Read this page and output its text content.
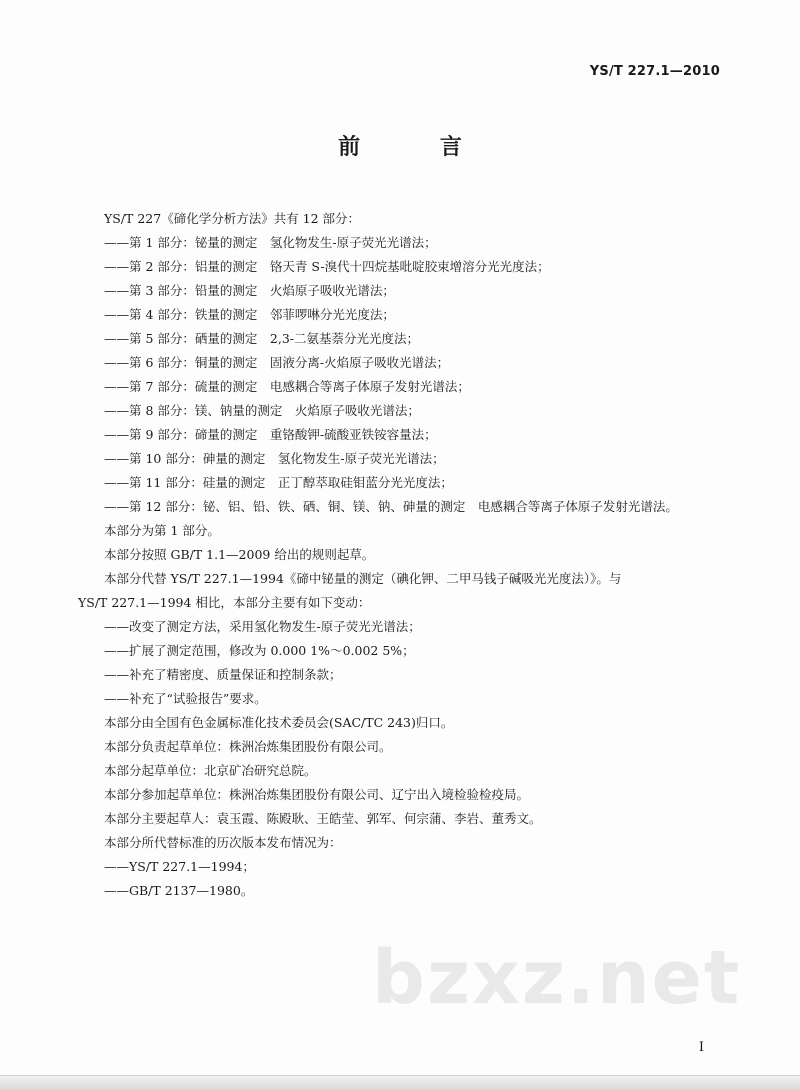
YS/T 227.1—2010
前 言
YS/T 227《碲化学分析方法》共有 12 部分：
——第 1 部分：铋量的测定　氢化物发生-原子荧光光谱法；
——第 2 部分：铝量的测定　铬天青 S-溴代十四烷基吡啶胶束增溶分光光度法；
——第 3 部分：铅量的测定　火焰原子吸收光谱法；
——第 4 部分：铁量的测定　邻菲啰啉分光光度法；
——第 5 部分：硒量的测定　2,3-二氨基萘分光光度法；
——第 6 部分：铜量的测定　固液分离-火焰原子吸收光谱法；
——第 7 部分：硫量的测定　电感耦合等离子体原子发射光谱法；
——第 8 部分：镁、钠量的测定　火焰原子吸收光谱法；
——第 9 部分：碲量的测定　重铬酸钾-硫酸亚铁铵容量法；
——第 10 部分：砷量的测定　氢化物发生-原子荧光光谱法；
——第 11 部分：硅量的测定　正丁醇萃取硅钼蓝分光光度法；
——第 12 部分：铋、铝、铅、铁、硒、铜、镁、钠、砷量的测定　电感耦合等离子体原子发射光谱法。
本部分为第 1 部分。
本部分按照 GB/T 1.1—2009 给出的规则起草。
本部分代替 YS/T 227.1—1994《碲中铋量的测定（碘化钾、二甲马钱子碱吸光光度法）》。与
YS/T 227.1—1994 相比，本部分主要有如下变动：
——改变了测定方法，采用氢化物发生-原子荧光光谱法；
——扩展了测定范围，修改为 0.000 1%～0.002 5%；
——补充了精密度、质量保证和控制条款；
——补充了“试验报告”要求。
本部分由全国有色金属标准化技术委员会(SAC/TC 243)归口。
本部分负责起草单位：株洲冶炼集团股份有限公司。
本部分起草单位：北京矿冶研究总院。
本部分参加起草单位：株洲冶炼集团股份有限公司、辽宁出入境检验检疫局。
本部分主要起草人：袁玉霞、陈殿耿、王皓莹、郭军、何宗蒲、李岩、董秀文。
本部分所代替标准的历次版本发布情况为：
——YS/T 227.1—1994；
——GB/T 2137—1980。
bzxz.net
I
